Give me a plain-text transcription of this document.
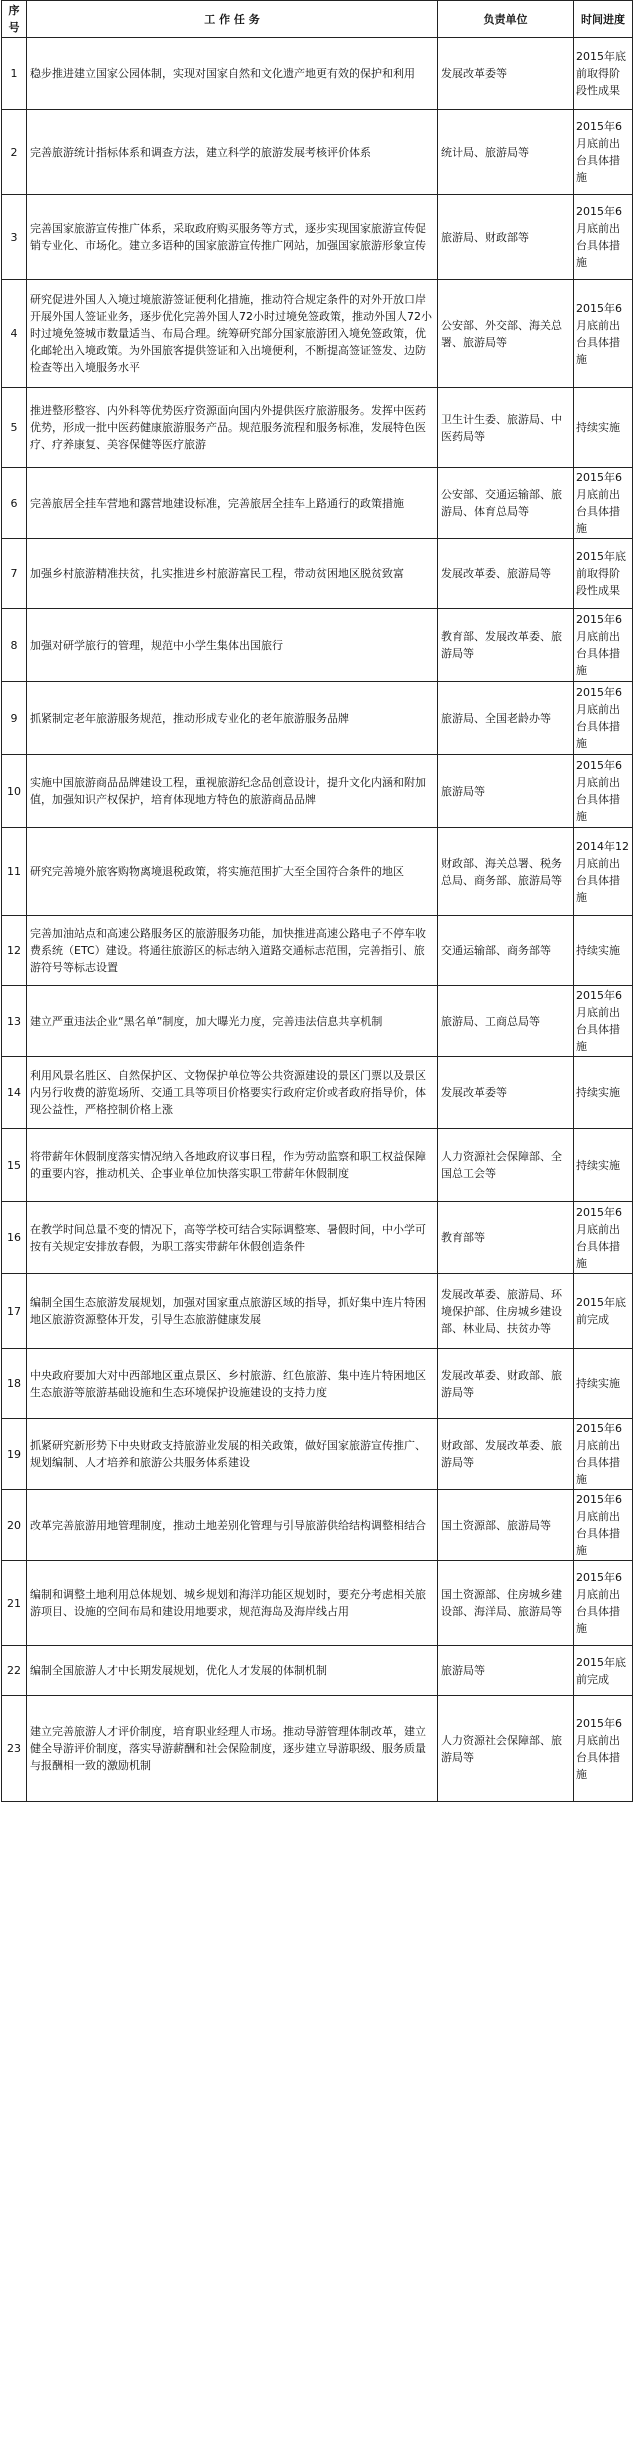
序号	工 作 任 务	负责单位	时间进度
1	稳步推进建立国家公园体制，实现对国家自然和文化遗产地更有效的保护和利用	发展改革委等	2015年底前取得阶段性成果
2	完善旅游统计指标体系和调查方法，建立科学的旅游发展考核评价体系	统计局、旅游局等	2015年6月底前出台具体措施
3	完善国家旅游宣传推广体系，采取政府购买服务等方式，逐步实现国家旅游宣传促销专业化、市场化。建立多语种的国家旅游宣传推广网站，加强国家旅游形象宣传	旅游局、财政部等	2015年6月底前出台具体措施
4	研究促进外国人入境过境旅游签证便利化措施，推动符合规定条件的对外开放口岸开展外国人签证业务，逐步优化完善外国人72小时过境免签政策，推动外国人72小时过境免签城市数量适当、布局合理。统筹研究部分国家旅游团入境免签政策，优化邮轮出入境政策。为外国旅客提供签证和入出境便利，不断提高签证签发、边防检查等出入境服务水平	公安部、外交部、海关总署、旅游局等	2015年6月底前出台具体措施
5	推进整形整容、内外科等优势医疗资源面向国内外提供医疗旅游服务。发挥中医药优势，形成一批中医药健康旅游服务产品。规范服务流程和服务标准，发展特色医疗、疗养康复、美容保健等医疗旅游	卫生计生委、旅游局、中医药局等	持续实施
6	完善旅居全挂车营地和露营地建设标准，完善旅居全挂车上路通行的政策措施	公安部、交通运输部、旅游局、体育总局等	2015年6月底前出台具体措施
7	加强乡村旅游精准扶贫，扎实推进乡村旅游富民工程，带动贫困地区脱贫致富	发展改革委、旅游局等	2015年底前取得阶段性成果
8	加强对研学旅行的管理，规范中小学生集体出国旅行	教育部、发展改革委、旅游局等	2015年6月底前出台具体措施
9	抓紧制定老年旅游服务规范，推动形成专业化的老年旅游服务品牌	旅游局、全国老龄办等	2015年6月底前出台具体措施
10	实施中国旅游商品品牌建设工程，重视旅游纪念品创意设计，提升文化内涵和附加值，加强知识产权保护，培育体现地方特色的旅游商品品牌	旅游局等	2015年6月底前出台具体措施
11	研究完善境外旅客购物离境退税政策，将实施范围扩大至全国符合条件的地区	财政部、海关总署、税务总局、商务部、旅游局等	2014年12月底前出台具体措施
12	完善加油站点和高速公路服务区的旅游服务功能，加快推进高速公路电子不停车收费系统（ETC）建设。将通往旅游区的标志纳入道路交通标志范围，完善指引、旅游符号等标志设置	交通运输部、商务部等	持续实施
13	建立严重违法企业“黑名单”制度，加大曝光力度，完善违法信息共享机制	旅游局、工商总局等	2015年6月底前出台具体措施
14	利用风景名胜区、自然保护区、文物保护单位等公共资源建设的景区门票以及景区内另行收费的游览场所、交通工具等项目价格要实行政府定价或者政府指导价，体现公益性，严格控制价格上涨	发展改革委等	持续实施
15	将带薪年休假制度落实情况纳入各地政府议事日程，作为劳动监察和职工权益保障的重要内容，推动机关、企事业单位加快落实职工带薪年休假制度	人力资源社会保障部、全国总工会等	持续实施
16	在教学时间总量不变的情况下，高等学校可结合实际调整寒、暑假时间，中小学可按有关规定安排放春假，为职工落实带薪年休假创造条件	教育部等	2015年6月底前出台具体措施
17	编制全国生态旅游发展规划，加强对国家重点旅游区域的指导，抓好集中连片特困地区旅游资源整体开发，引导生态旅游健康发展	发展改革委、旅游局、环境保护部、住房城乡建设部、林业局、扶贫办等	2015年底前完成
18	中央政府要加大对中西部地区重点景区、乡村旅游、红色旅游、集中连片特困地区生态旅游等旅游基础设施和生态环境保护设施建设的支持力度	发展改革委、财政部、旅游局等	持续实施
19	抓紧研究新形势下中央财政支持旅游业发展的相关政策，做好国家旅游宣传推广、规划编制、人才培养和旅游公共服务体系建设	财政部、发展改革委、旅游局等	2015年6月底前出台具体措施
20	改革完善旅游用地管理制度，推动土地差别化管理与引导旅游供给结构调整相结合	国土资源部、旅游局等	2015年6月底前出台具体措施
21	编制和调整土地利用总体规划、城乡规划和海洋功能区规划时，要充分考虑相关旅游项目、设施的空间布局和建设用地要求，规范海岛及海岸线占用	国土资源部、住房城乡建设部、海洋局、旅游局等	2015年6月底前出台具体措施
22	编制全国旅游人才中长期发展规划，优化人才发展的体制机制	旅游局等	2015年底前完成
23	建立完善旅游人才评价制度，培育职业经理人市场。推动导游管理体制改革，建立健全导游评价制度，落实导游薪酬和社会保险制度，逐步建立导游职级、服务质量与报酬相一致的激励机制	人力资源社会保障部、旅游局等	2015年6月底前出台具体措施
